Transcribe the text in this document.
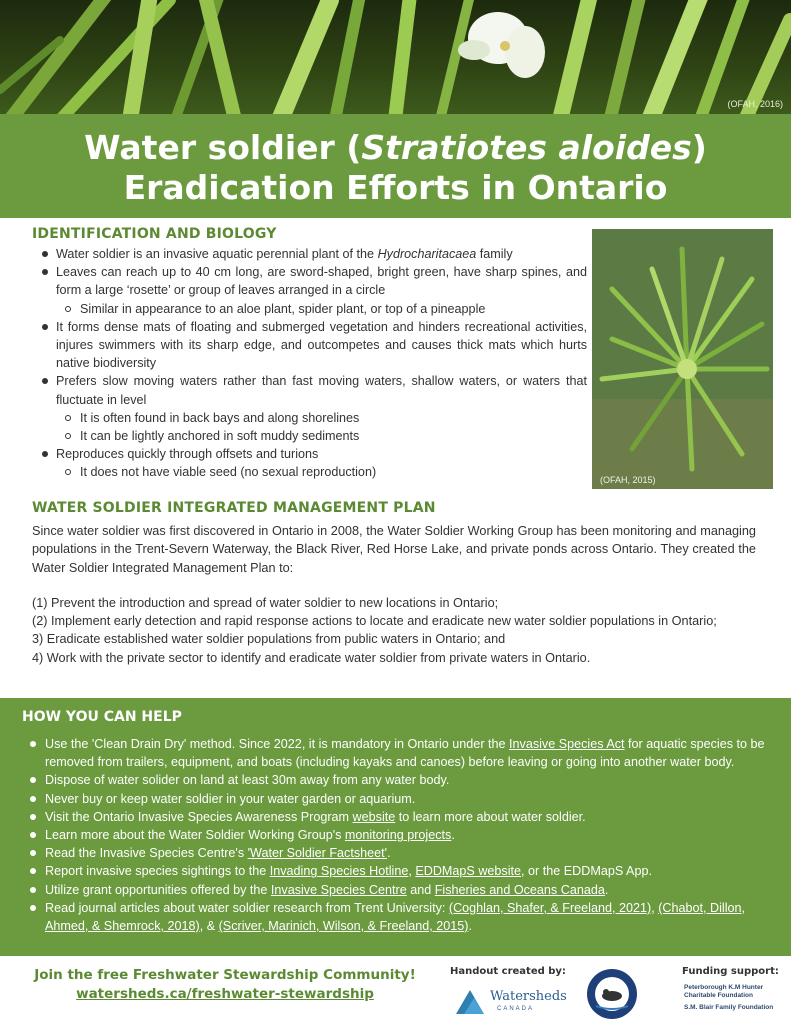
(OFAH, 2016)
Water soldier (Stratiotes aloides)
Eradication Efforts in Ontario
IDENTIFICATION AND BIOLOGY
Water soldier is an invasive aquatic perennial plant of the Hydrocharitacaea family
Leaves can reach up to 40 cm long, are sword-shaped, bright green, have sharp spines, and form a large ‘rosette’ or group of leaves arranged in a circle
Similar in appearance to an aloe plant, spider plant, or top of a pineapple
It forms dense mats of floating and submerged vegetation and hinders recreational activities, injures swimmers with its sharp edge, and outcompetes and causes thick mats which hurts native biodiversity
Prefers slow moving waters rather than fast moving waters, shallow waters, or waters that fluctuate in level
It is often found in back bays and along shorelines
It can be lightly anchored in soft muddy sediments
Reproduces quickly through offsets and turions
It does not have viable seed (no sexual reproduction)
(OFAH, 2015)
WATER SOLDIER INTEGRATED MANAGEMENT PLAN

Since water soldier was first discovered in Ontario in 2008, the Water Soldier Working Group has been monitoring and managing populations in the Trent-Severn Waterway, the Black River, Red Horse Lake, and private ponds across Ontario. They created the Water Soldier Integrated Management Plan to:

(1) Prevent the introduction and spread of water soldier to new locations in Ontario;

(2) Implement early detection and rapid response actions to locate and eradicate new water soldier populations in Ontario;

3) Eradicate established water soldier populations from public waters in Ontario; and

4) Work with the private sector to identify and eradicate water soldier from private waters in Ontario.

HOW YOU CAN HELP
Use the 'Clean Drain Dry' method. Since 2022, it is mandatory in Ontario under the Invasive Species Act for aquatic species to be removed from trailers, equipment, and boats (including kayaks and canoes) before leaving or going into another water body.
Dispose of water solider on land at least 30m away from any water body.
Never buy or keep water soldier in your water garden or aquarium.
Visit the Ontario Invasive Species Awareness Program website to learn more about water soldier.
Learn more about the Water Soldier Working Group's monitoring projects.
Read the Invasive Species Centre's 'Water Soldier Factsheet'.
Report invasive species sightings to the Invading Species Hotline, EDDMapS website, or the EDDMapS App.
Utilize grant opportunities offered by the Invasive Species Centre and Fisheries and Oceans Canada.
Read journal articles about water soldier research from Trent University: (Coghlan, Shafer, & Freeland, 2021), (Chabot, Dillon, Ahmed, & Shemrock, 2018), & (Scriver, Marinich, Wilson, & Freeland, 2015).
Join the free Freshwater Stewardship Community!
watersheds.ca/freshwater-stewardship
Handout created by:
Watersheds
CANADA
Funding support:
Peterborough K.M Hunter Charitable Foundation
S.M. Blair Family Foundation
